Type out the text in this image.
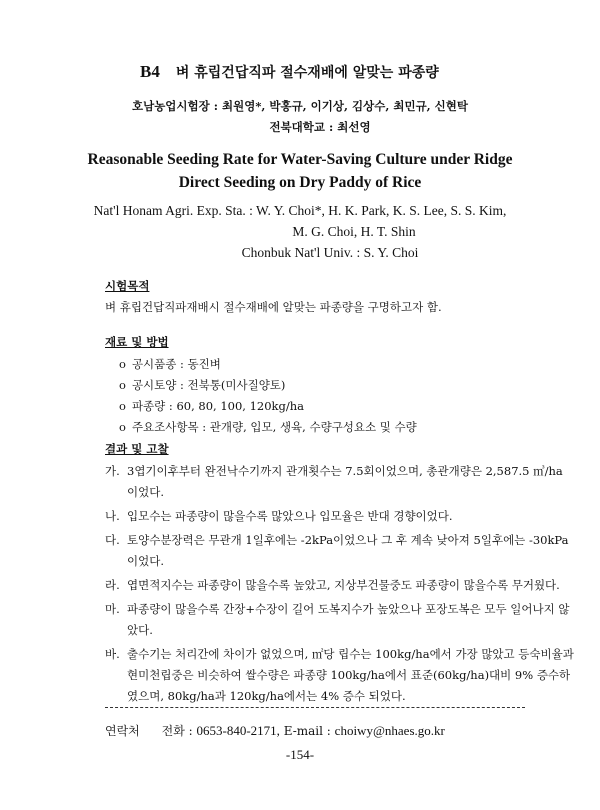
B4 벼 휴립건답직파 절수재배에 알맞는 파종량
호남농업시험장 : 최원영*, 박홍규, 이기상, 김상수, 최민규, 신현탁
전북대학교 : 최선영
Reasonable Seeding Rate for Water-Saving Culture under Ridge
Direct Seeding on Dry Paddy of Rice
Nat'l Honam Agri. Exp. Sta. : W. Y. Choi*, H. K. Park, K. S. Lee, S. S. Kim,
M. G. Choi, H. T. Shin
Chonbuk Nat'l Univ. : S. Y. Choi
시험목적
벼 휴립건답직파재배시 절수재배에 알맞는 파종량을 구명하고자 함.
재료 및 방법
o 공시품종 : 동진벼
o 공시토양 : 전북통(미사질양토)
o 파종량 : 60, 80, 100, 120kg/ha
o 주요조사항목 : 관개량, 입모, 생육, 수량구성요소 및 수량
결과 및 고찰
가. 3엽기이후부터 완전낙수기까지 관개횟수는 7.5회이었으며, 총관개량은 2,587.5 ㎥/ha 이었다.
나. 입모수는 파종량이 많을수록 많았으나 입모율은 반대 경향이었다.
다. 토양수분장력은 무관개 1일후에는 -2kPa이었으나 그 후 계속 낮아져 5일후에는 -30kPa이었다.
라. 엽면적지수는 파종량이 많을수록 높았고, 지상부건물중도 파종량이 많을수록 무거웠다.
마. 파종량이 많을수록 간장+수장이 길어 도복지수가 높았으나 포장도복은 모두 일어나지 않았다.
바. 출수기는 처리간에 차이가 없었으며, ㎡당 립수는 100kg/ha에서 가장 많았고 등숙비율과 현미천립중은 비슷하여 쌀수량은 파종량 100kg/ha에서 표준(60kg/ha)대비 9% 증수하였으며, 80kg/ha과 120kg/ha에서는 4% 증수 되었다.
연락처 전화 : 0653-840-2171, E-mail : choiwy@nhaes.go.kr
-154-
